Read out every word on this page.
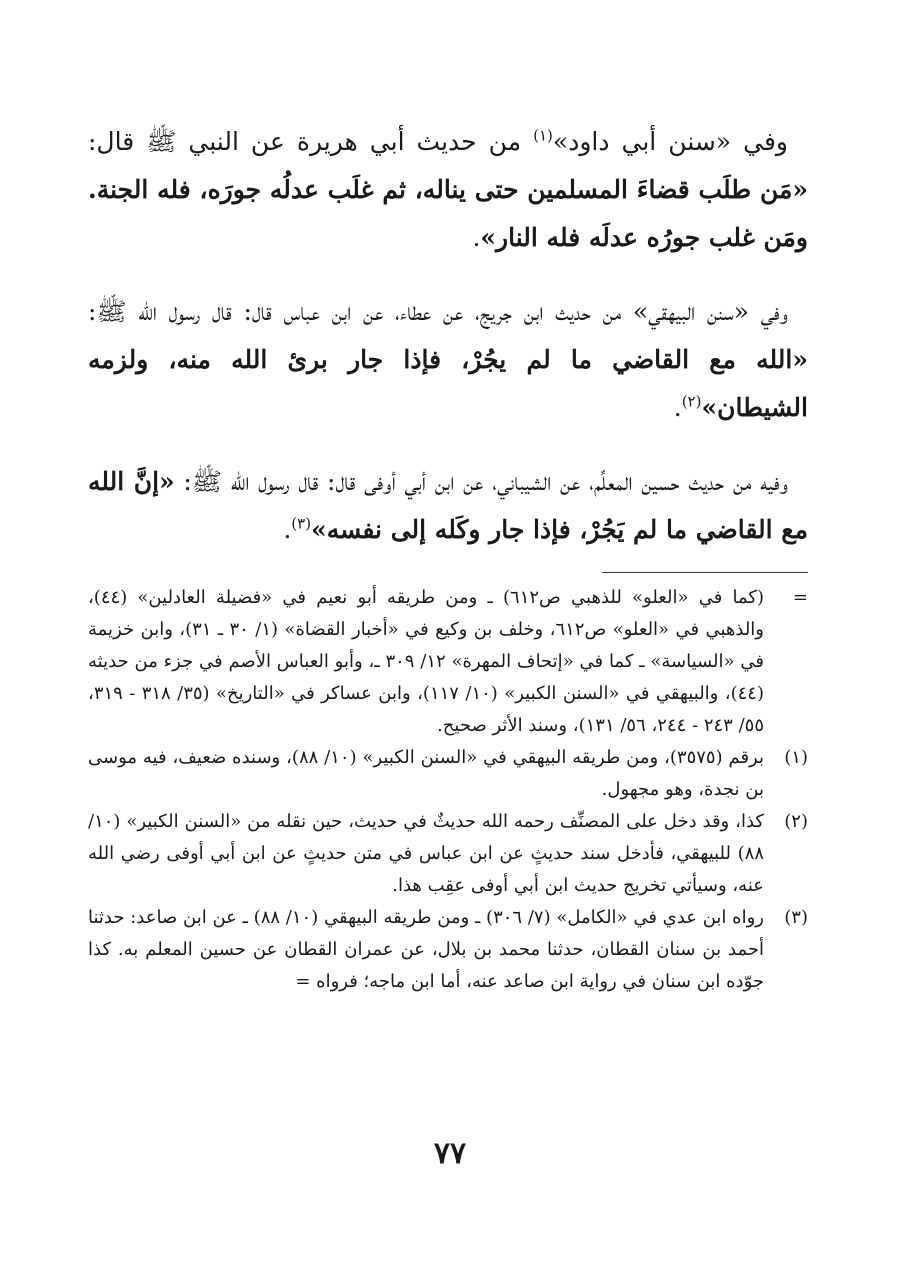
وفي «سنن أبي داود»$^{(١)}$ من حديث أبي هريرة عن النبي ﷺ قال: «مَن طلَب قضاءَ المسلمين حتى يناله، ثم غلَب عدلُه جورَه، فله الجنة. ومَن غلب جورُه عدلَه فله النار».

وفي «سنن البيهقي» من حديث ابن جريج، عن عطاء، عن ابن عباس قال: قال رسول الله ﷺ: «الله مع القاضي ما لم يجُرْ، فإذا جار برئ الله منه، ولزمه الشيطان»$^{(٢)}$.

وفيه من حديث حسين المعلِّم، عن الشيباني، عن ابن أبي أوفى قال: قال رسول الله ﷺ: «إنَّ الله مع القاضي ما لم يَجُرْ، فإذا جار وكَله إلى نفسه»$^{(٣)}$.

=
(كما في «العلو» للذهبي ص٦١٢) ـ ومن طريقه أبو نعيم في «فضيلة العادلين» (٤٤)، والذهبي في «العلو» ص٦١٢، وخلف بن وكيع في «أخبار القضاة» (١/ ٣٠ ـ ٣١)، وابن خزيمة في «السياسة» ـ كما في «إتحاف المهرة» ١٢/ ٣٠٩ ـ، وأبو العباس الأصم في جزء من حديثه (٤٤)، والبيهقي في «السنن الكبير» (١٠/ ١١٧)، وابن عساكر في «التاريخ» (٣٥/ ٣١٨ - ٣١٩، ٥٥/ ٢٤٣ - ٢٤٤، ٥٦/ ١٣١)، وسند الأثر صحيح.

(١)
برقم (٣٥٧٥)، ومن طريقه البيهقي في «السنن الكبير» (١٠/ ٨٨)، وسنده ضعيف، فيه موسى بن نجدة، وهو مجهول.

(٢)
كذا، وقد دخل على المصنِّف رحمه الله حديثٌ في حديث، حين نقله من «السنن الكبير» (١٠/ ٨٨) للبيهقي، فأدخل سند حديثٍ عن ابن عباس في متن حديثٍ عن ابن أبي أوفى رضي الله عنه، وسيأتي تخريج حديث ابن أبي أوفى عقِب هذا.

(٣)
رواه ابن عدي في «الكامل» (٧/ ٣٠٦) ـ ومن طريقه البيهقي (١٠/ ٨٨) ـ عن ابن صاعد: حدثنا أحمد بن سنان القطان، حدثنا محمد بن بلال، عن عمران القطان عن حسين المعلم به. كذا جوّده ابن سنان في رواية ابن صاعد عنه، أما ابن ماجه؛ فرواه =

٧٧
